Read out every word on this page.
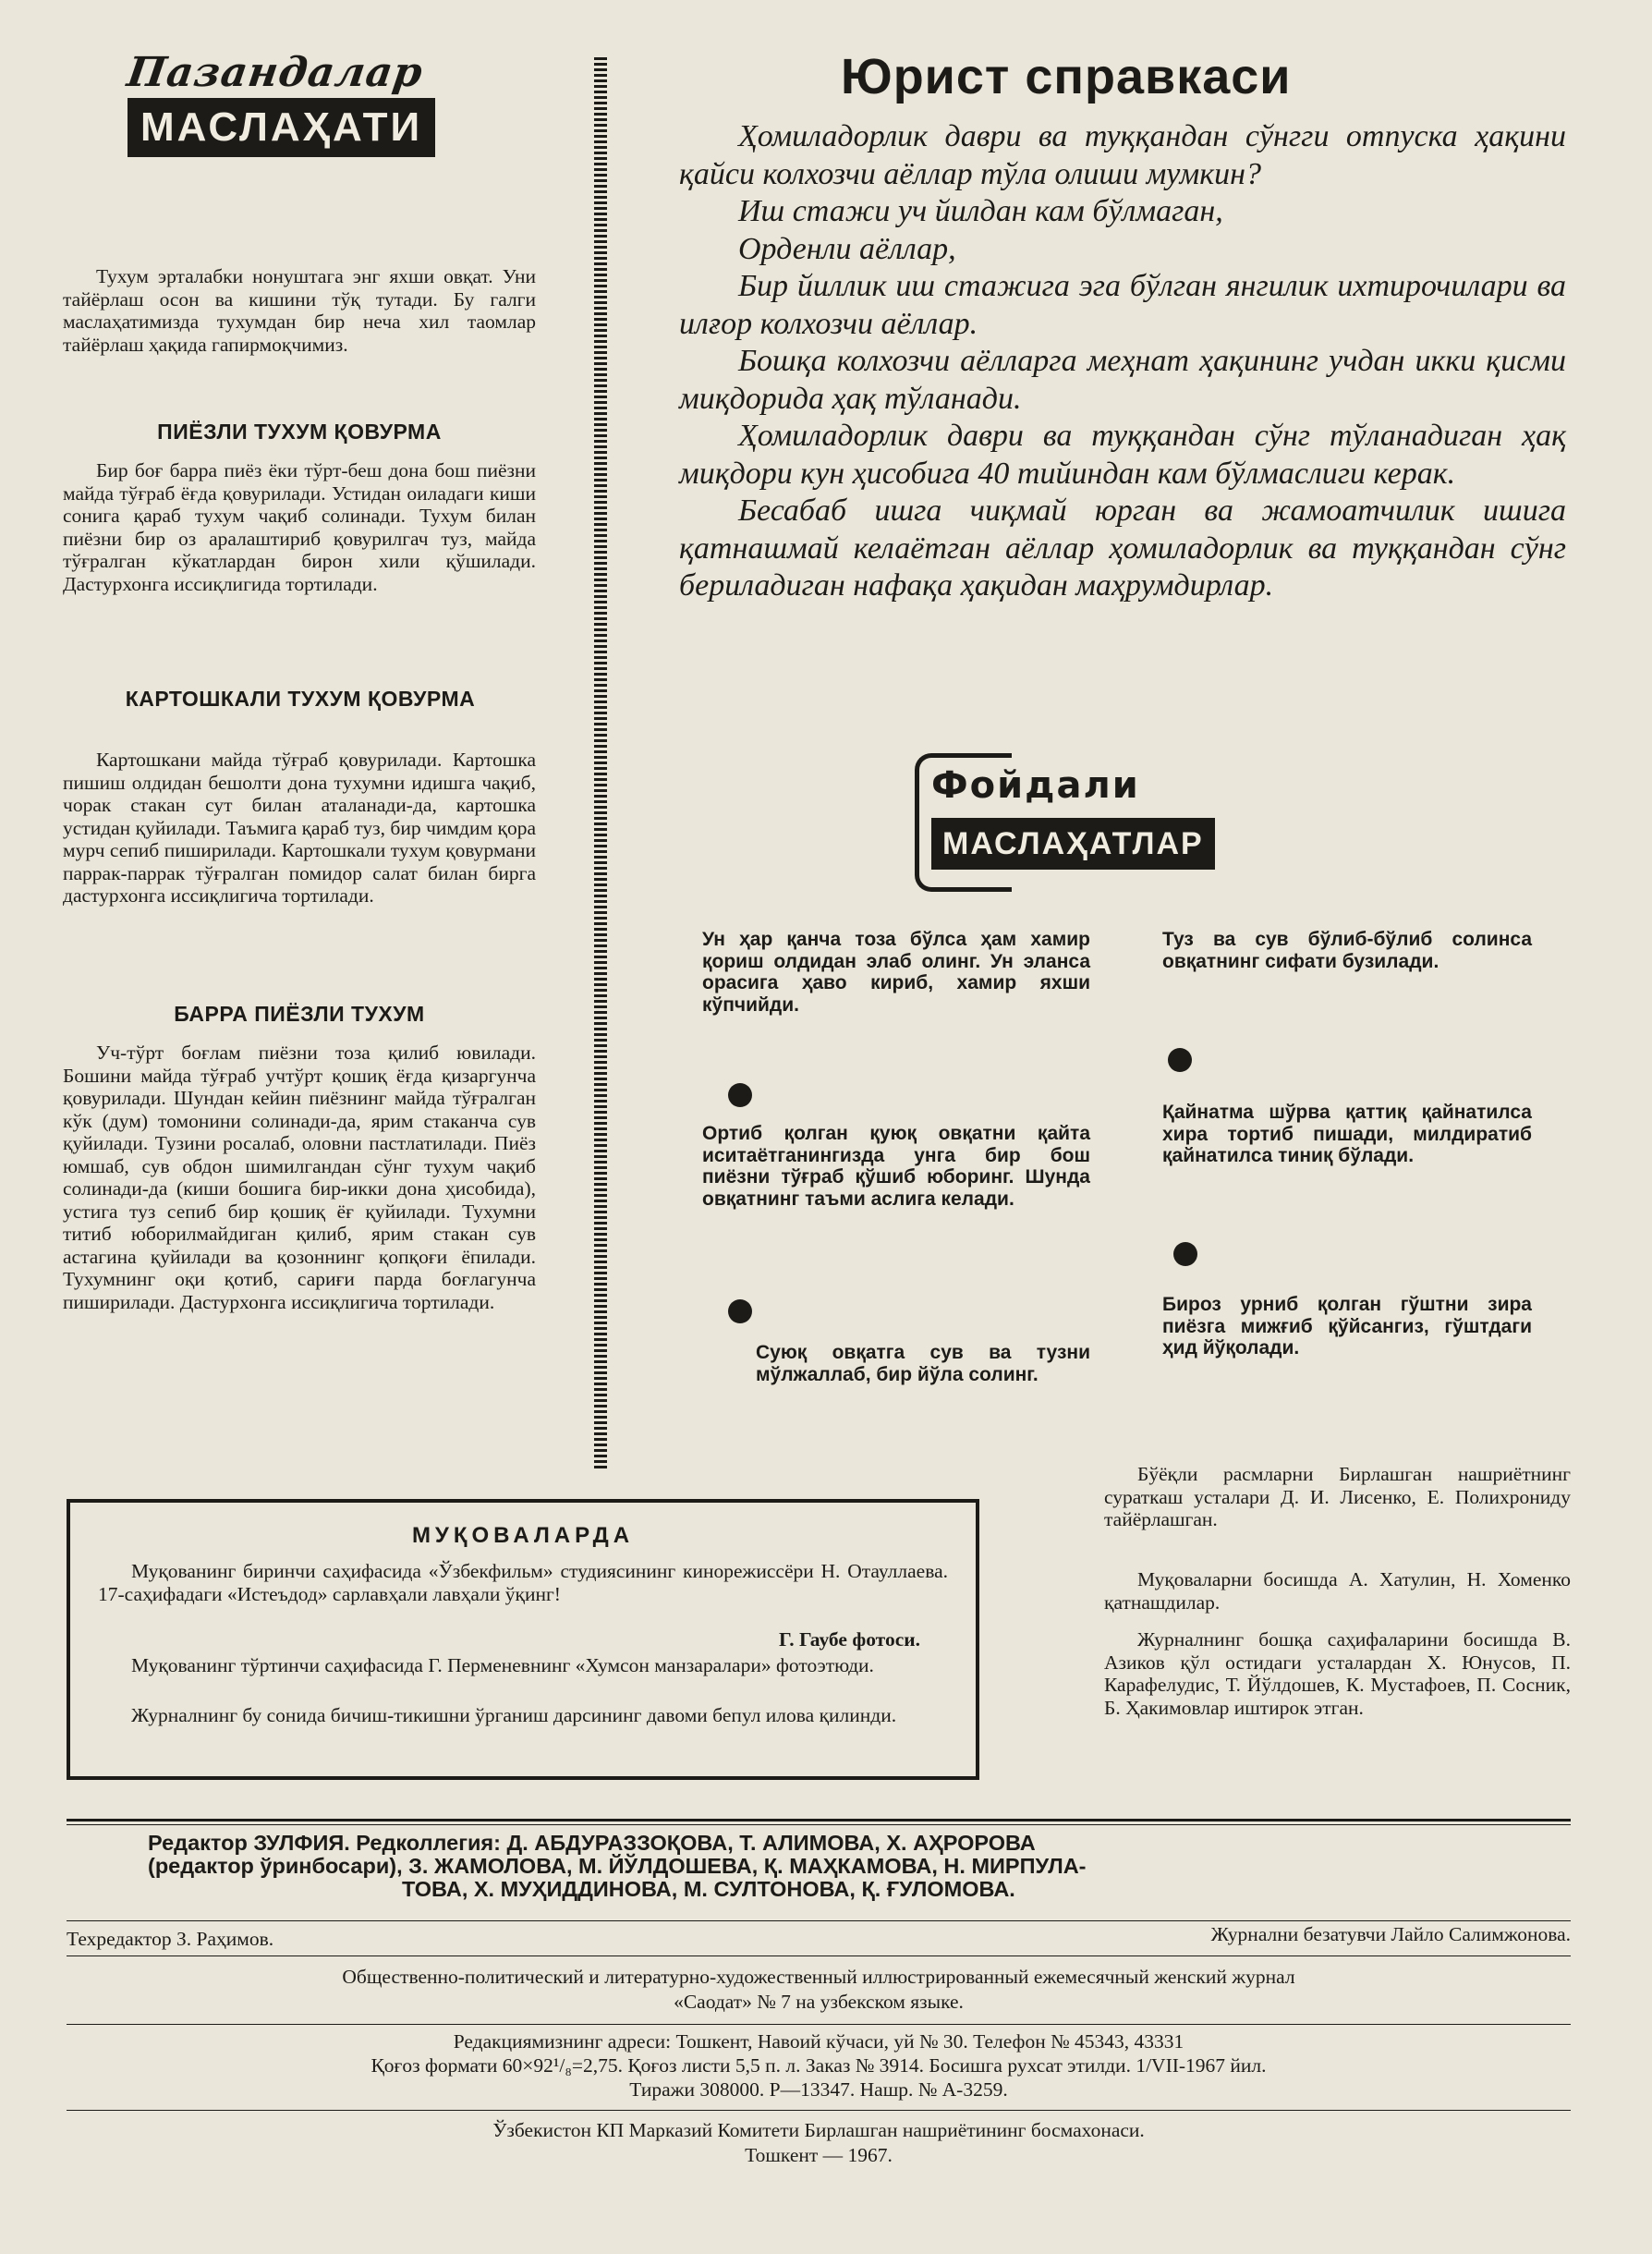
Пазандалар
МАСЛАҲАТИ
Тухум эрталабки нонуштага энг яхши овқат. Уни тайёрлаш осон ва кишини тўқ тутади. Бу галги маслаҳатимизда тухумдан бир неча хил таомлар тайёрлаш ҳақида гапирмоқчимиз.
ПИЁЗЛИ ТУХУМ ҚОВУРМА
Бир боғ барра пиёз ёки тўрт-беш дона бош пиёзни майда тўғраб ёғда қовурилади. Устидан оиладаги киши сонига қараб тухум чақиб солинади. Тухум билан пиёзни бир оз аралаштириб қовурилгач туз, майда тўғралган кўкатлардан бирон хили қўшилади. Дастурхонга иссиқлигида тортилади.
КАРТОШКАЛИ ТУХУМ ҚОВУРМА
Картошкани майда тўғраб қовурилади. Картошка пишиш олдидан бешолти дона тухумни идишга чақиб, чорак стакан сут билан аталанади-да, картошка устидан қуйилади. Таъмига қараб туз, бир чимдим қора мурч сепиб пиширилади. Картошкали тухум қовурмани паррак-паррак тўғралган помидор салат билан бирга дастурхонга иссиқлигича тортилади.
БАРРА ПИЁЗЛИ ТУХУМ
Уч-тўрт боғлам пиёзни тоза қилиб ювилади. Бошини майда тўғраб учтўрт қошиқ ёғда қизаргунча қовурилади. Шундан кейин пиёзнинг майда тўғралган кўк (дум) томонини солинади-да, ярим стаканча сув қуйилади. Тузини росалаб, оловни пастлатилади. Пиёз юмшаб, сув обдон шимилгандан сўнг тухум чақиб солинади-да (киши бошига бир-икки дона ҳисобида), устига туз сепиб бир қошиқ ёғ қуйилади. Тухумни титиб юборилмайдиган қилиб, ярим стакан сув астагина қуйилади ва қозоннинг қопқоғи ёпилади. Тухумнинг оқи қотиб, сариғи парда боғлагунча пиширилади. Дастурхонга иссиқлигича тортилади.
Юрист справкаси

Ҳомиладорлик даври ва туққандан сўнгги отпуска ҳақини қайси колхозчи аёллар тўла олиши мумкин?

Иш стажи уч йилдан кам бўлмаган,

Орденли аёллар,

Бир йиллик иш стажига эга бўлган янгилик ихтирочилари ва илғор колхозчи аёллар.

Бошқа колхозчи аёлларга меҳнат ҳақининг учдан икки қисми миқдорида ҳақ тўланади.

Ҳомиладорлик даври ва туққандан сўнг тўланадиган ҳақ миқдори кун ҳисобига 40 тийиндан кам бўлмаслиги керак.

Бесабаб ишга чиқмай юрган ва жамоатчилик ишига қатнашмай келаётган аёллар ҳомиладорлик ва туққандан сўнг бериладиган нафақа ҳақидан маҳрумдирлар.

Фойдали
МАСЛАҲАТЛАР
Ун ҳар қанча тоза бўлса ҳам хамир қориш олдидан элаб олинг. Ун эланса орасига ҳаво кириб, хамир яхши кўпчийди.
Ортиб қолган қуюқ овқатни қайта иситаётганингизда унга бир бош пиёзни тўғраб қўшиб юборинг. Шунда овқатнинг таъми аслига келади.
Суюқ овқатга сув ва тузни мўлжаллаб, бир йўла солинг.
Туз ва сув бўлиб-бўлиб солинса овқатнинг сифати бузилади.
Қайнатма шўрва қаттиқ қайнатилса хира тортиб пишади, милдиратиб қайнатилса тиниқ бўлади.
Бироз урниб қолган гўштни зира пиёзга мижғиб қўйсангиз, гўштдаги ҳид йўқолади.
МУҚОВАЛАРДА
Муқованинг биринчи саҳифасида «Ўзбекфильм» студиясининг кинорежиссёри Н. Отауллаева. 17-саҳифадаги «Истеъдод» сарлавҳали лавҳали ўқинг!
Г. Гаубе фотоси.
Муқованинг тўртинчи саҳифасида Г. Перменевнинг «Хумсон манзаралари» фотоэтюди.
Журналнинг бу сонида бичиш-тикишни ўрганиш дарсининг давоми бепул илова қилинди.
Бўёқли расмларни Бирлашган нашриётнинг сураткаш усталари Д. И. Лисенко, Е. Полихрониду тайёрлашган.
Муқоваларни босишда А. Хатулин, Н. Хоменко қатнашдилар.
Журналнинг бошқа саҳифаларини босишда В. Азиков қўл остидаги усталардан Х. Юнусов, П. Карафелудис, Т. Йўлдошев, К. Мустафоев, П. Сосник, Б. Ҳакимовлар иштирок этган.
Редактор ЗУЛФИЯ. Редколлегия: Д. АБДУРАЗЗОҚОВА, Т. АЛИМОВА, Х. АҲРОРОВА
(редактор ўринбосари), З. ЖАМОЛОВА, М. ЙЎЛДОШЕВА, Қ. МАҲКАМОВА, Н. МИРПУЛА-
ТОВА, Х. МУҲИДДИНОВА, М. СУЛТОНОВА, Қ. ҒУЛОМОВА.
Техредактор З. Раҳимов.	Журнални безатувчи Лайло Салимжонова.
Общественно-политический и литературно-художественный иллюстрированный ежемесячный женский журнал
«Саодат» № 7 на узбекском языке.
Редакциямизнинг адреси: Тошкент, Навоий кўчаси, уй № 30. Телефон № 45343, 43331
Қоғоз формати 60×92¹/₈=2,75. Қоғоз листи 5,5 п. л. Заказ № 3914. Босишга рухсат этилди. 1/VII-1967 йил.
Тиражи 308000. Р—13347. Нашр. № А-3259.
Ўзбекистон КП Марказий Комитети Бирлашган нашриётининг босмахонаси.
Тошкент — 1967.
